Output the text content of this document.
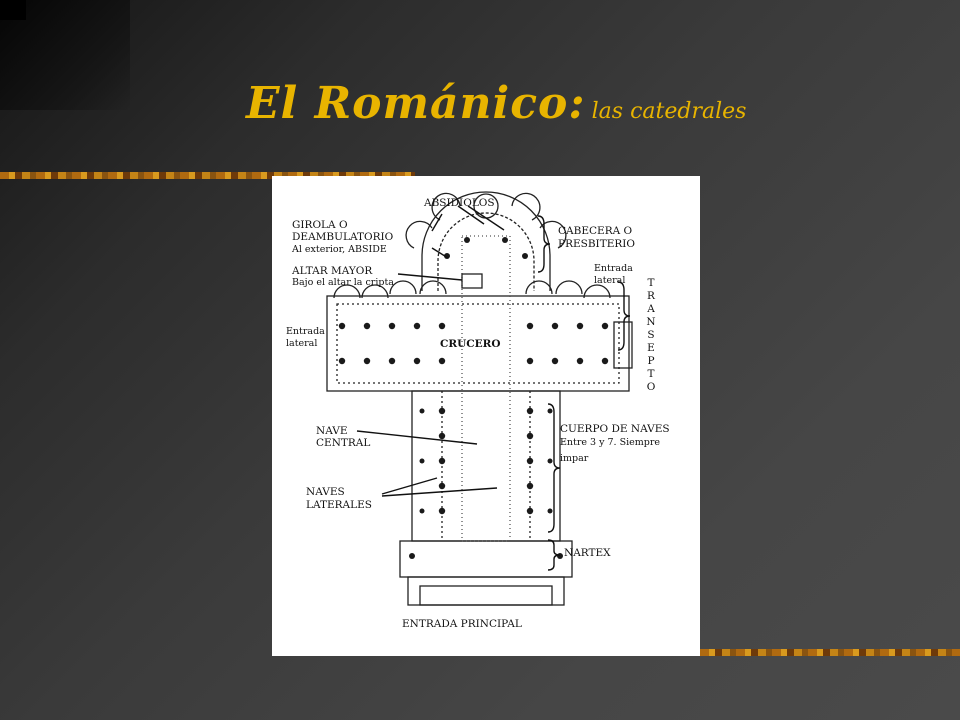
El Románico: las catedrales
ABSIDIOLOS
GIROLA O
DEAMBULATORIO
Al exterior, ABSIDE
ALTAR MAYOR
Bajo el altar la cripta
CABECERA O
PRESBITERIO
Entrada
lateral	T
R
A
N
S
E
P
T
O
Entrada
lateral	CRUCERO
NAVE
CENTRAL
CUERPO DE NAVES
Entre 3 y 7. Siempre
impar
NAVES
LATERALES
NARTEX
ENTRADA PRINCIPAL
